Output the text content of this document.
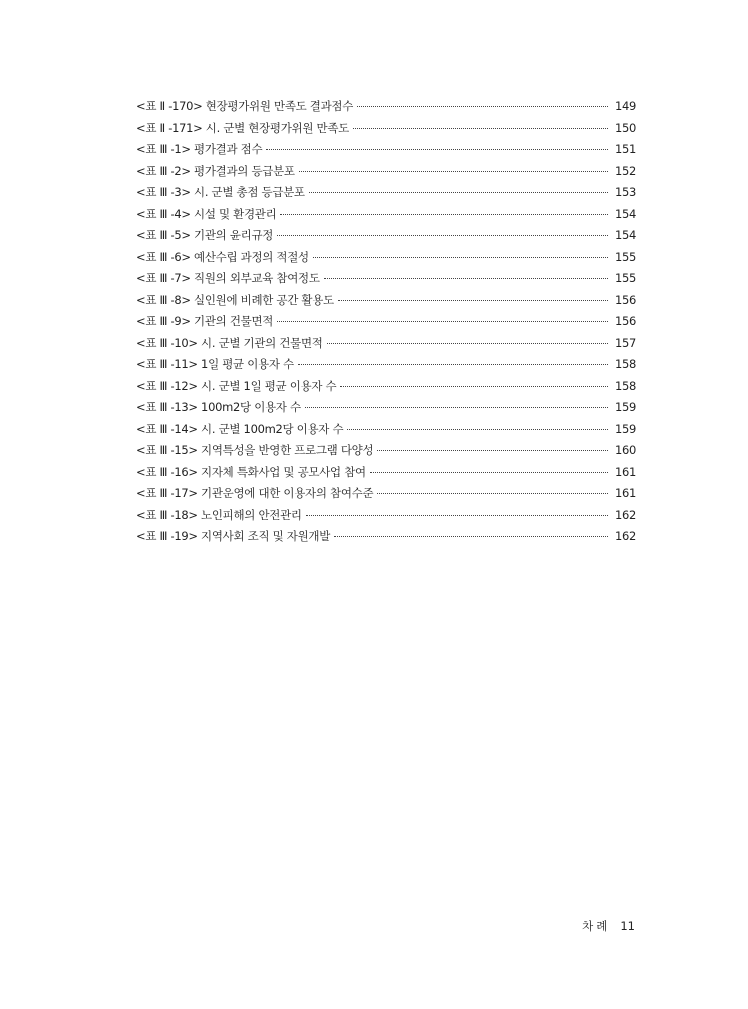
<표 Ⅱ -170> 현장평가위원 만족도 결과점수	149
<표 Ⅱ -171> 시. 군별 현장평가위원 만족도	150
<표 Ⅲ -1> 평가결과 점수	151
<표 Ⅲ -2> 평가결과의 등급분포	152
<표 Ⅲ -3> 시. 군별 총점 등급분포	153
<표 Ⅲ -4> 시설 및 환경관리	154
<표 Ⅲ -5> 기관의 윤리규정	154
<표 Ⅲ -6> 예산수립 과정의 적절성	155
<표 Ⅲ -7> 직원의 외부교육 참여정도	155
<표 Ⅲ -8> 실인원에 비례한 공간 활용도	156
<표 Ⅲ -9> 기관의 건물면적	156
<표 Ⅲ -10> 시. 군별 기관의 건물면적	157
<표 Ⅲ -11> 1일 평균 이용자 수	158
<표 Ⅲ -12> 시. 군별 1일 평균 이용자 수	158
<표 Ⅲ -13> 100m2당 이용자 수	159
<표 Ⅲ -14> 시. 군별 100m2당 이용자 수	159
<표 Ⅲ -15> 지역특성을 반영한 프로그램 다양성	160
<표 Ⅲ -16> 지자체 특화사업 및 공모사업 참여	161
<표 Ⅲ -17> 기관운영에 대한 이용자의 참여수준	161
<표 Ⅲ -18> 노인피해의 안전관리	162
<표 Ⅲ -19> 지역사회 조직 및 자원개발	162
차례 11
